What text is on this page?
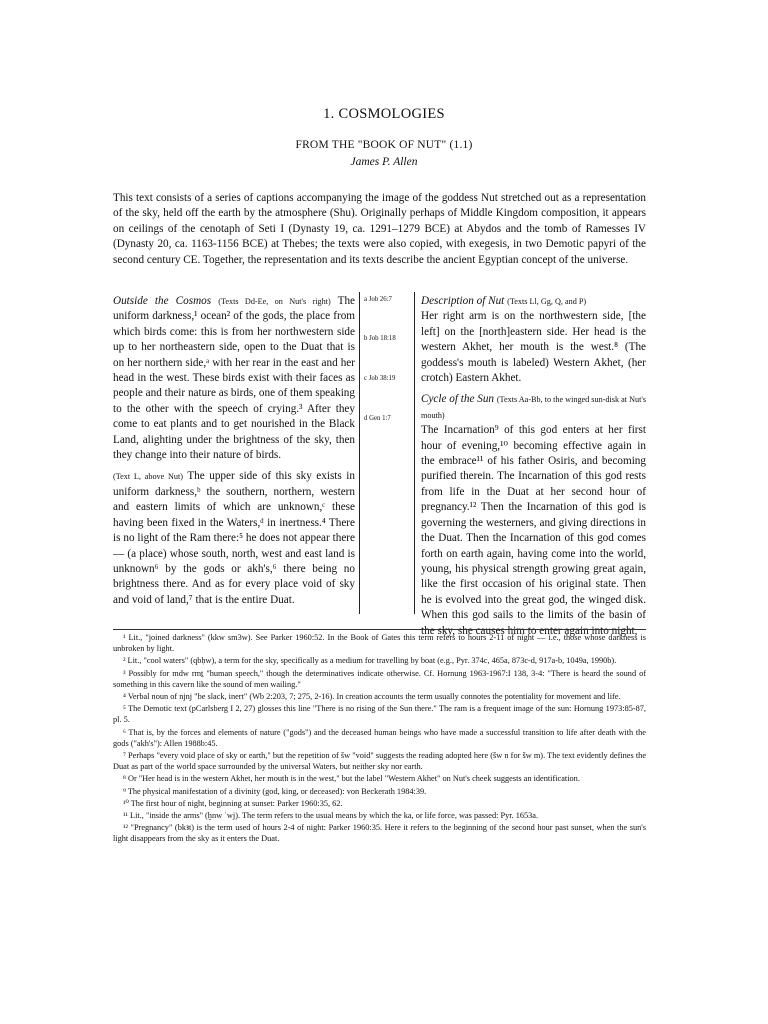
1. COSMOLOGIES
FROM THE "BOOK OF NUT" (1.1)
James P. Allen

This text consists of a series of captions accompanying the image of the goddess Nut stretched out as a representation of the sky, held off the earth by the atmosphere (Shu). Originally perhaps of Middle Kingdom composition, it appears on ceilings of the cenotaph of Seti I (Dynasty 19, ca. 1291–1279 BCE) at Abydos and the tomb of Ramesses IV (Dynasty 20, ca. 1163-1156 BCE) at Thebes; the texts were also copied, with exegesis, in two Demotic papyri of the second century CE. Together, the representation and its texts describe the ancient Egyptian concept of the universe.

Outside the Cosmos (Texts Dd-Ee, on Nut's right) The uniform darkness,¹ ocean² of the gods, the place from which birds come: this is from her northwestern side up to her northeastern side, open to the Duat that is on her northern side,ᵃ with her rear in the east and her head in the west. These birds exist with their faces as people and their nature as birds, one of them speaking to the other with the speech of crying.³ After they come to eat plants and to get nourished in the Black Land, alighting under the brightness of the sky, then they change into their nature of birds.

(Text L, above Nut) The upper side of this sky exists in uniform darkness,ᵇ the southern, northern, western and eastern limits of which are unknown,ᶜ these having been fixed in the Waters,ᵈ in inertness.⁴ There is no light of the Ram there:⁵ he does not appear there — (a place) whose south, north, west and east land is unknown⁶ by the gods or akh's,⁶ there being no brightness there. And as for every place void of sky and void of land,⁷ that is the entire Duat.

a Job 26:7
b Job 18:18
c Job 38:19
d Gen 1:7

Description of Nut (Texts Ll, Gg, Q, and P)
Her right arm is on the northwestern side, [the left] on the [north]eastern side. Her head is the western Akhet, her mouth is the west.⁸ (The goddess's mouth is labeled) Western Akhet, (her crotch) Eastern Akhet.

Cycle of the Sun (Texts Aa-Bb, to the winged sun-disk at Nut's mouth)
The Incarnation⁹ of this god enters at her first hour of evening,¹⁰ becoming effective again in the embrace¹¹ of his father Osiris, and becoming purified therein. The Incarnation of this god rests from life in the Duat at her second hour of pregnancy.¹² Then the Incarnation of this god is governing the westerners, and giving directions in the Duat. Then the Incarnation of this god comes forth on earth again, having come into the world, young, his physical strength growing great again, like the first occasion of his original state. Then he is evolved into the great god, the winged disk. When this god sails to the limits of the basin of the sky, she causes him to enter again into night,

¹ Lit., "joined darkness" (kkw sm3w). See Parker 1960:52. In the Book of Gates this term refers to hours 2-11 of night — i.e., those whose darkness is unbroken by light.

² Lit., "cool waters" (qbḥw), a term for the sky, specifically as a medium for travelling by boat (e.g., Pyr. 374c, 465a, 873c-d, 917a-b, 1049a, 1990b).

³ Possibly for mdw rmṯ "human speech," though the determinatives indicate otherwise. Cf. Hornung 1963-1967:I 138, 3-4: "There is heard the sound of something in this cavern like the sound of men wailing."

⁴ Verbal noun of njnj "be slack, inert" (Wb 2:203, 7; 275, 2-16). In creation accounts the term usually connotes the potentiality for movement and life.

⁵ The Demotic text (pCarlsberg I 2, 27) glosses this line "There is no rising of the Sun there." The ram is a frequent image of the sun: Hornung 1973:85-87, pl. 5.

⁶ That is, by the forces and elements of nature ("gods") and the deceased human beings who have made a successful transition to life after death with the gods ("akh's"): Allen 1988b:45.

⁷ Perhaps "every void place of sky or earth," but the repetition of šw "void" suggests the reading adopted here (šw n for šw m). The text evidently defines the Duat as part of the world space surrounded by the universal Waters, but neither sky nor earth.

⁸ Or "Her head is in the western Akhet, her mouth is in the west," but the label "Western Akhet" on Nut's cheek suggests an identification.

⁹ The physical manifestation of a divinity (god, king, or deceased): von Beckerath 1984:39.

¹⁰ The first hour of night, beginning at sunset: Parker 1960:35, 62.

¹¹ Lit., "inside the arms" (ḫnw ʿwj). The term refers to the usual means by which the ka, or life force, was passed: Pyr. 1653a.

¹² "Pregnancy" (bkꜣt) is the term used of hours 2-4 of night: Parker 1960:35. Here it refers to the beginning of the second hour past sunset, when the sun's light disappears from the sky as it enters the Duat.
